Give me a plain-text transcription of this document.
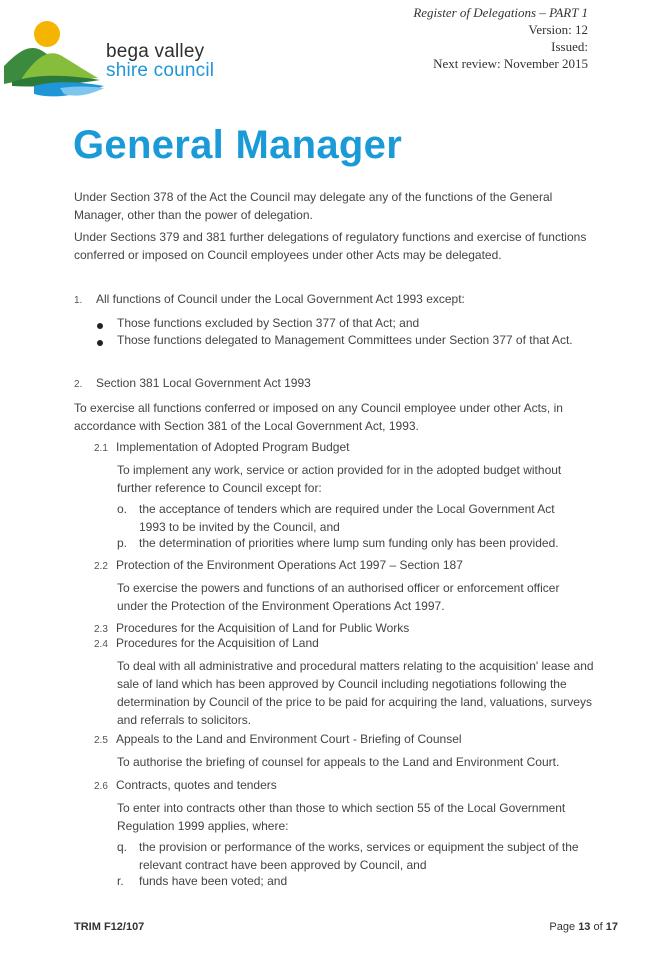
bega valley
shire council
Register of Delegations – PART 1
Version: 12
Issued:
Next review: November 2015
General Manager

Under Section 378 of the Act the Council may delegate any of the functions of the General Manager, other than the power of delegation.

Under Sections 379 and 381 further delegations of regulatory functions and exercise of functions conferred or imposed on Council employees under other Acts may be delegated.

1. All functions of Council under the Local Government Act 1993 except:
Those functions excluded by Section 377 of that Act; and
Those functions delegated to Management Committees under Section 377 of that Act.
2. Section 381 Local Government Act 1993
To exercise all functions conferred or imposed on any Council employee under other Acts, in accordance with Section 381 of the Local Government Act, 1993.
2.1 Implementation of Adopted Program Budget
To implement any work, service or action provided for in the adopted budget without further reference to Council except for:
o. the acceptance of tenders which are required under the Local Government Act 1993 to be invited by the Council, and
p. the determination of priorities where lump sum funding only has been provided.
2.2 Protection of the Environment Operations Act 1997 – Section 187
To exercise the powers and functions of an authorised officer or enforcement officer under the Protection of the Environment Operations Act 1997.
2.3 Procedures for the Acquisition of Land for Public Works
2.4 Procedures for the Acquisition of Land
To deal with all administrative and procedural matters relating to the acquisition' lease and sale of land which has been approved by Council including negotiations following the determination by Council of the price to be paid for acquiring the land, valuations, surveys and referrals to solicitors.
2.5 Appeals to the Land and Environment Court - Briefing of Counsel
To authorise the briefing of counsel for appeals to the Land and Environment Court.
2.6 Contracts, quotes and tenders
To enter into contracts other than those to which section 55 of the Local Government Regulation 1999 applies, where:
q. the provision or performance of the works, services or equipment the subject of the relevant contract have been approved by Council, and
r.	funds have been voted; and
TRIM F12/107	Page 13 of 17
